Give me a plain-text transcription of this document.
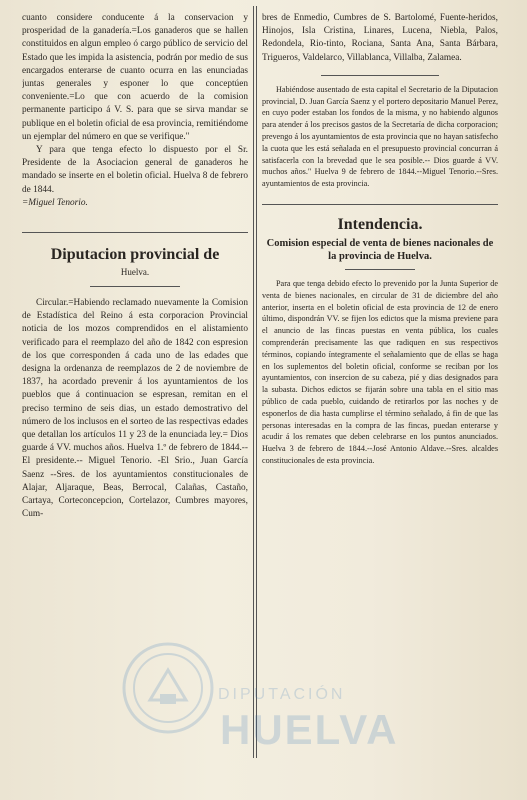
cuanto considere conducente á la conservacion y prosperidad de la ganadería.=Los ganaderos que se hallen constituidos en algun empleo ó cargo público de servicio del Estado que les impida la asistencia, podrán por medio de sus encargados enterarse de cuanto ocurra en las enunciadas juntas generales y esponer lo que conceptúen conveniente.=Lo que con acuerdo de la comision permanente participo á V. S. para que se sirva mandar se publique en el boletin oficial de esa provincia, remitiéndome un ejemplar del número en que se verifique."

Y para que tenga efecto lo dispuesto por el Sr. Presidente de la Asociacion general de ganaderos he mandado se inserte en el boletin oficial. Huelva 8 de febrero de 1844.

=Miguel Tenorio.

Diputacion provincial de
Huelva.

Circular.=Habiendo reclamado nuevamente la Comision de Estadística del Reino á esta corporacion Provincial noticia de los mozos comprendidos en el alistamiento verificado para el reemplazo del año de 1842 con espresion de los que corresponden á cada uno de las edades que designa la ordenanza de reemplazos de 2 de noviembre de 1837, ha acordado prevenir á los ayuntamientos de los pueblos que á continuacion se espresan, remitan en el preciso termino de seis dias, un estado demostrativo del número de los inclusos en el sorteo de las respectivas edades que detallan los artículos 11 y 23 de la enunciada ley.= Dios guarde á VV. muchos años. Huelva 1.º de febrero de 1844.--El presidente.-- Miguel Tenorio. -El Srio., Juan García Saenz --Sres. de los ayuntamientos constitucionales de Alajar, Aljaraque, Beas, Berrocal, Calañas, Castaño, Cartaya, Corteconcepcion, Cortelazor, Cumbres mayores, Cum-

bres de Enmedio, Cumbres de S. Bartolomé, Fuente-heridos, Hinojos, Isla Cristina, Linares, Lucena, Niebla, Palos, Redondela, Rio-tinto, Rociana, Santa Ana, Santa Bárbara, Trigueros, Valdelarco, Villablanca, Villalba, Zalamea.

Habiéndose ausentado de esta capital el Secretario de la Diputacion provincial, D. Juan García Saenz y el portero depositario Manuel Perez, en cuyo poder estaban los fondos de la misma, y no habiendo algunos para atender á los precisos gastos de la Secretaría de dicha corporacion; prevengo á los ayuntamientos de esta provincia que no hayan satisfecho la cuota que les está señalada en el presupuesto provincial concurran á satisfacerla con la brevedad que le sea posible.-- Dios guarde á VV. muchos años." Huelva 9 de febrero de 1844.--Miguel Tenorio.--Sres. ayuntamientos de esta provincia.

Intendencia.
Comision especial de venta de bienes nacionales de la provincia de Huelva.

Para que tenga debido efecto lo prevenido por la Junta Superior de venta de bienes nacionales, en circular de 31 de diciembre del año anterior, inserta en el boletin oficial de esta provincia de 12 de enero último, dispondrán VV. se fijen los edictos que la misma previene para el anuncio de las fincas puestas en venta pública, los cuales comprenderán precisamente las que radiquen en sus respectivos términos, copiando íntegramente el señalamiento que de ellas se haga en los suplementos del boletin oficial, conforme se reciban por los ayuntamientos, con insercion de su cabeza, pié y dias designados para la subasta. Dichos edictos se fijarán sobre una tabla en el sitio mas público de cada pueblo, cuidando de retirarlos por las noches y de esponerlos de dia hasta cumplirse el término señalado, á fin de que las personas interesadas en la compra de las fincas, puedan enterarse y acudir á los remates que deben celebrarse en los puntos anunciados. Huelva 3 de febrero de 1844.--José Antonio Aldave.--Sres. alcaldes constitucionales de esta provincia.

DIPUTACIÓN
HUELVA
